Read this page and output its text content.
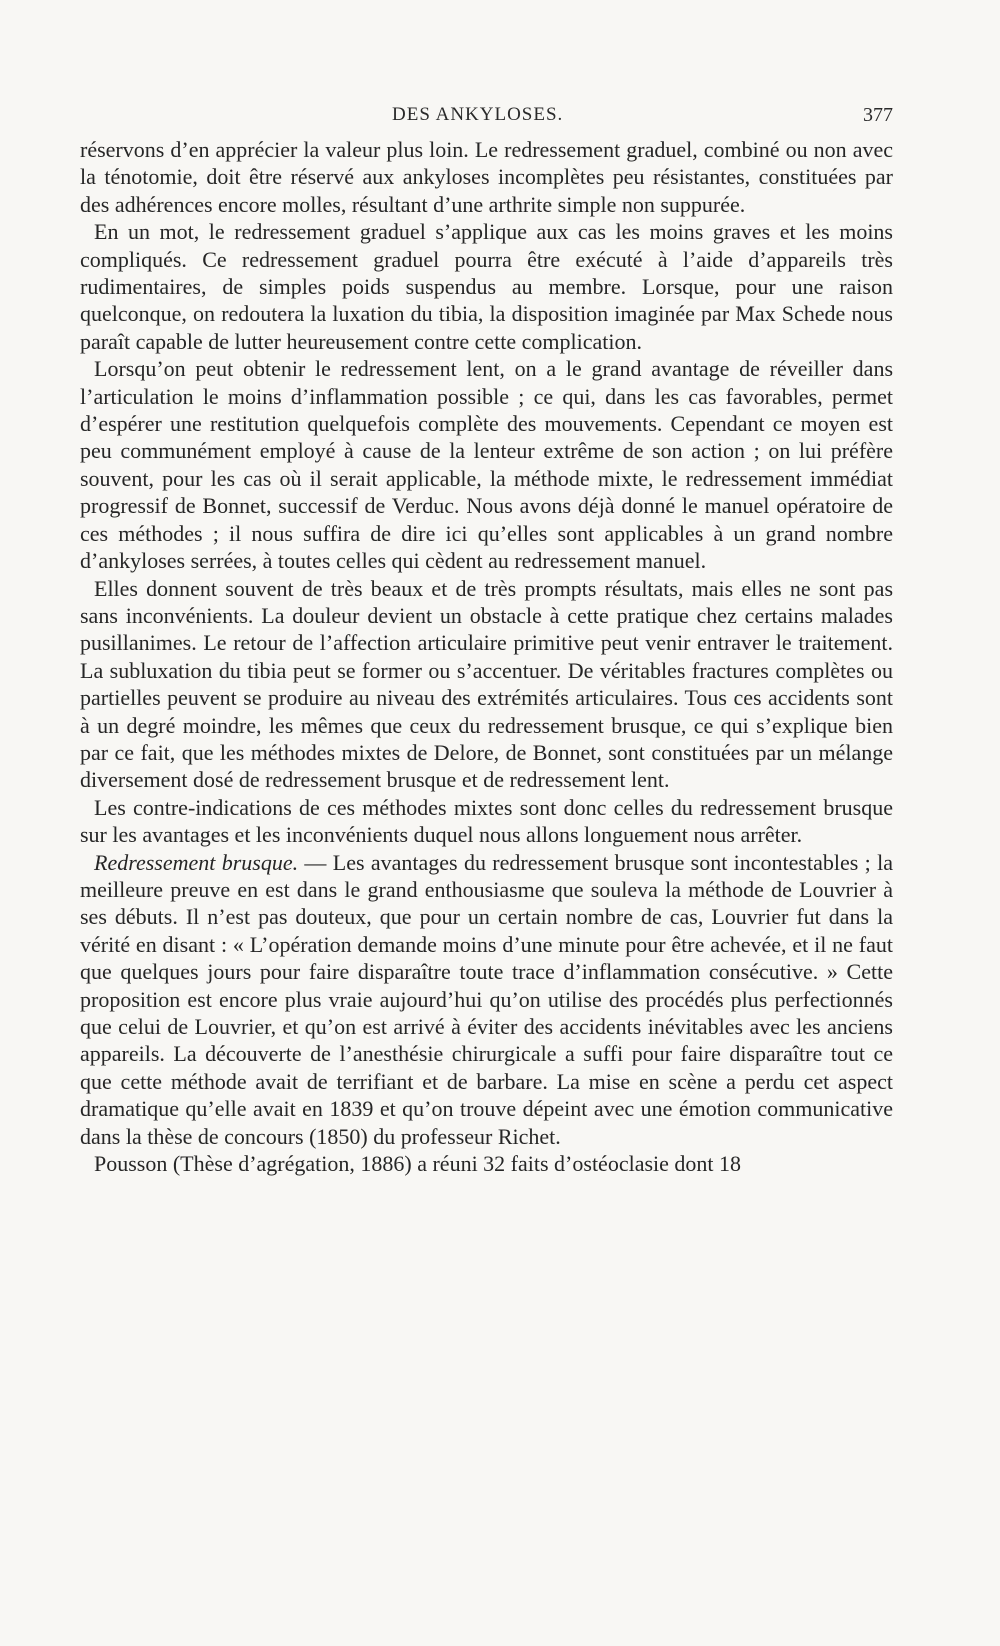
DES ANKYLOSES.	377

réservons d’en apprécier la valeur plus loin. Le redressement graduel, combiné ou non avec la ténotomie, doit être réservé aux ankyloses incomplètes peu résistantes, constituées par des adhérences encore molles, résultant d’une arthrite simple non suppurée.

En un mot, le redressement graduel s’applique aux cas les moins graves et les moins compliqués. Ce redressement graduel pourra être exécuté à l’aide d’appareils très rudimentaires, de simples poids suspendus au membre. Lorsque, pour une raison quelconque, on redoutera la luxation du tibia, la disposition imaginée par Max Schede nous paraît capable de lutter heureusement contre cette complication.

Lorsqu’on peut obtenir le redressement lent, on a le grand avantage de réveiller dans l’articulation le moins d’inflammation possible ; ce qui, dans les cas favorables, permet d’espérer une restitution quelquefois complète des mouvements. Cependant ce moyen est peu communément employé à cause de la lenteur extrême de son action ; on lui préfère souvent, pour les cas où il serait applicable, la méthode mixte, le redressement immédiat progressif de Bonnet, successif de Verduc. Nous avons déjà donné le manuel opératoire de ces méthodes ; il nous suffira de dire ici qu’elles sont applicables à un grand nombre d’ankyloses serrées, à toutes celles qui cèdent au redressement manuel.

Elles donnent souvent de très beaux et de très prompts résultats, mais elles ne sont pas sans inconvénients. La douleur devient un obstacle à cette pratique chez certains malades pusillanimes. Le retour de l’affection articulaire primitive peut venir entraver le traitement. La subluxation du tibia peut se former ou s’accentuer. De véritables fractures complètes ou partielles peuvent se produire au niveau des extrémités articulaires. Tous ces accidents sont à un degré moindre, les mêmes que ceux du redressement brusque, ce qui s’explique bien par ce fait, que les méthodes mixtes de Delore, de Bonnet, sont constituées par un mélange diversement dosé de redressement brusque et de redressement lent.

Les contre-indications de ces méthodes mixtes sont donc celles du redressement brusque sur les avantages et les inconvénients duquel nous allons longuement nous arrêter.

Redressement brusque. — Les avantages du redressement brusque sont incontestables ; la meilleure preuve en est dans le grand enthousiasme que souleva la méthode de Louvrier à ses débuts. Il n’est pas douteux, que pour un certain nombre de cas, Louvrier fut dans la vérité en disant : « L’opération demande moins d’une minute pour être achevée, et il ne faut que quelques jours pour faire disparaître toute trace d’inflammation consécutive. » Cette proposition est encore plus vraie aujourd’hui qu’on utilise des procédés plus perfectionnés que celui de Louvrier, et qu’on est arrivé à éviter des accidents inévitables avec les anciens appareils. La découverte de l’anesthésie chirurgicale a suffi pour faire disparaître tout ce que cette méthode avait de terrifiant et de barbare. La mise en scène a perdu cet aspect dramatique qu’elle avait en 1839 et qu’on trouve dépeint avec une émotion communicative dans la thèse de concours (1850) du professeur Richet.

Pousson (Thèse d’agrégation, 1886) a réuni 32 faits d’ostéoclasie dont 18
